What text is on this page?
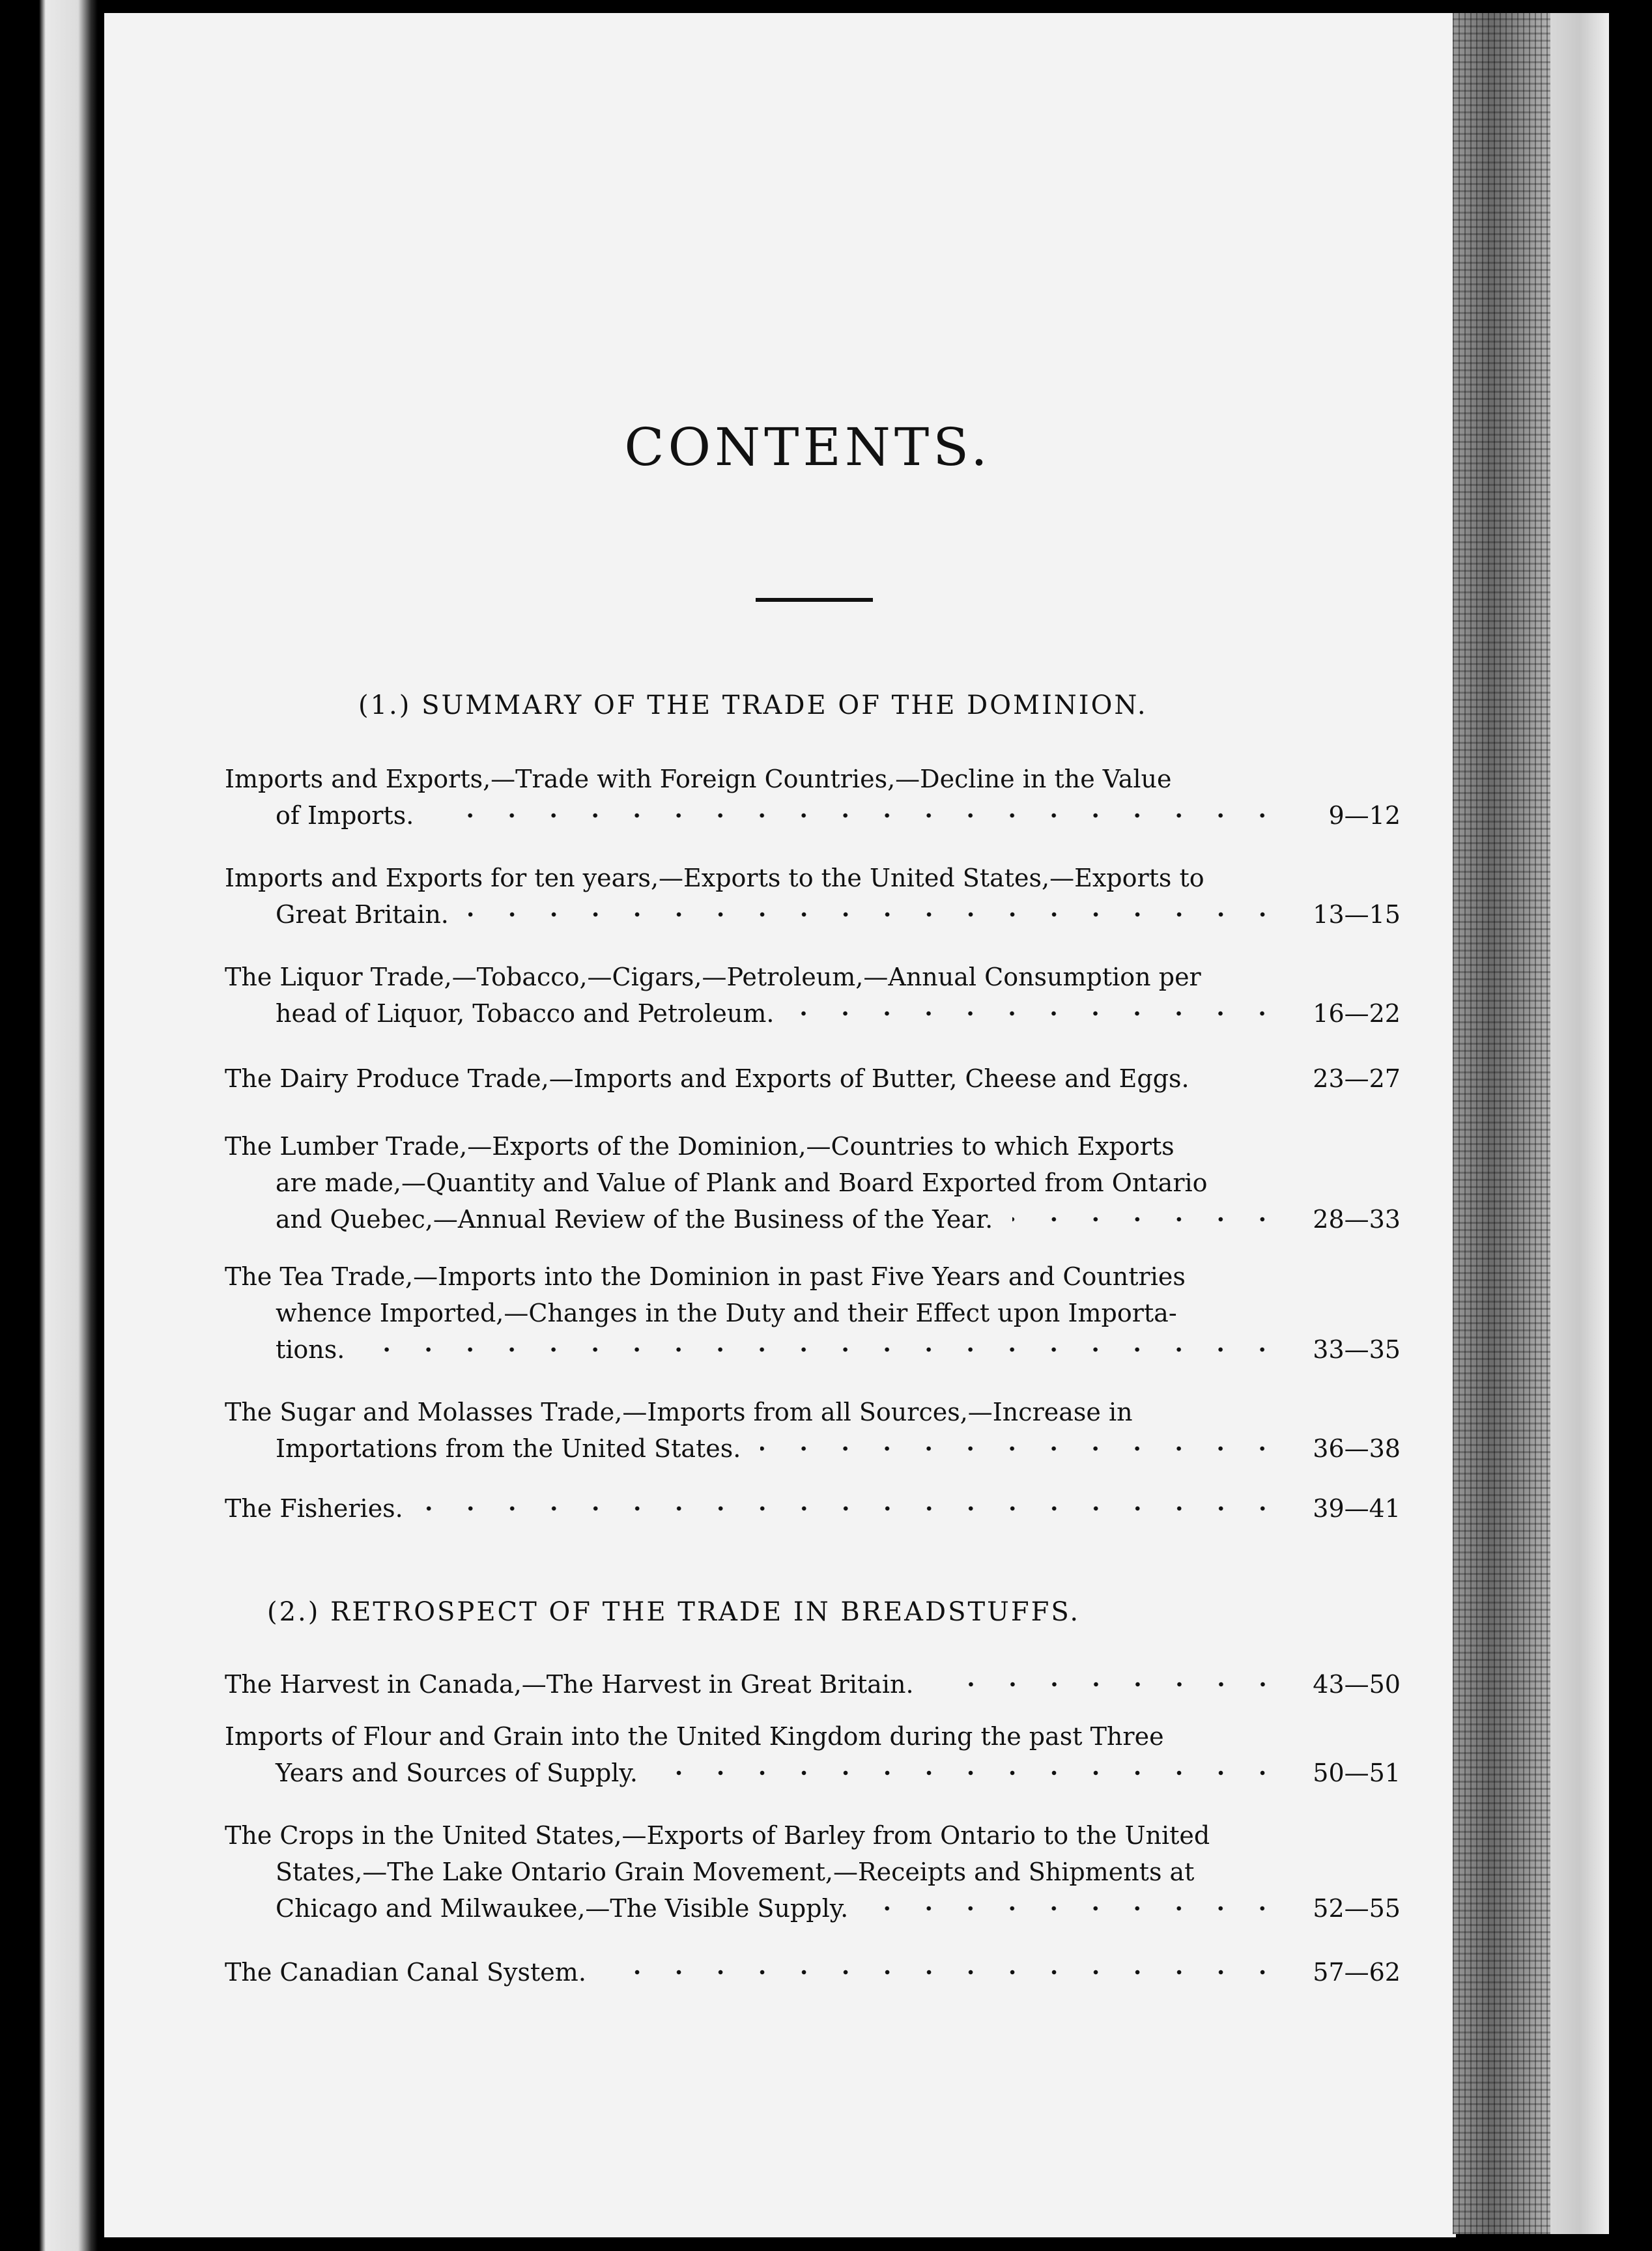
CONTENTS.
(1.) SUMMARY OF THE TRADE OF THE DOMINION.
Imports and Exports,—Trade with Foreign Countries,—Decline in the Value
of Imports.	9—12
Imports and Exports for ten years,—Exports to the United States,—Exports to
Great Britain.	13—15
The Liquor Trade,—Tobacco,—Cigars,—Petroleum,—Annual Consumption per
head of Liquor, Tobacco and Petroleum.	16—22
The Dairy Produce Trade,—Imports and Exports of Butter, Cheese and Eggs.	23—27
The Lumber Trade,—Exports of the Dominion,—Countries to which Exports
are made,—Quantity and Value of Plank and Board Exported from Ontario
and Quebec,—Annual Review of the Business of the Year.	28—33
The Tea Trade,—Imports into the Dominion in past Five Years and Countries
whence Imported,—Changes in the Duty and their Effect upon Importa-
tions.	33—35
The Sugar and Molasses Trade,—Imports from all Sources,—Increase in
Importations from the United States.	36—38
The Fisheries.	39—41
(2.) RETROSPECT OF THE TRADE IN BREADSTUFFS.
The Harvest in Canada,—The Harvest in Great Britain.	43—50
Imports of Flour and Grain into the United Kingdom during the past Three
Years and Sources of Supply.	50—51
The Crops in the United States,—Exports of Barley from Ontario to the United
States,—The Lake Ontario Grain Movement,—Receipts and Shipments at
Chicago and Milwaukee,—The Visible Supply.	52—55
The Canadian Canal System.	57—62
